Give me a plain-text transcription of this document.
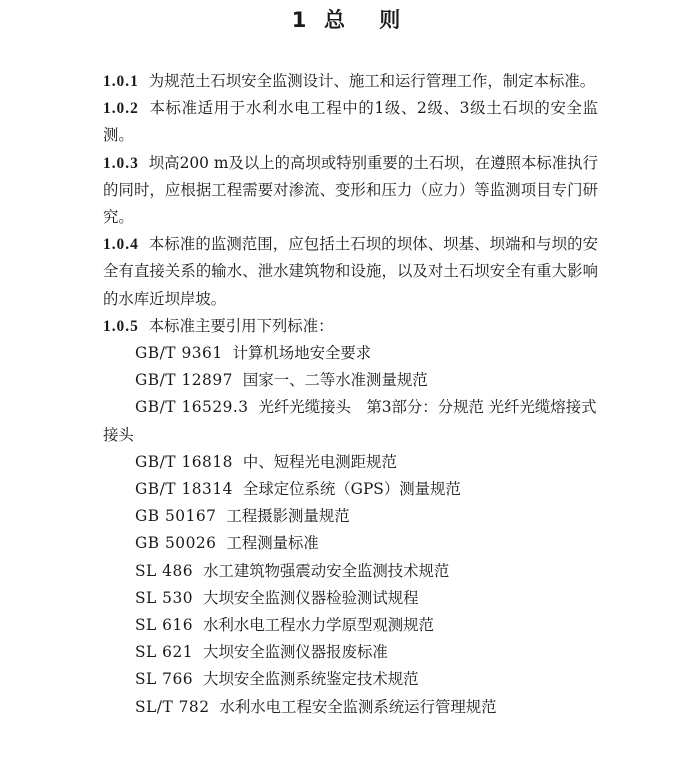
1  总    则

1.0.1 为规范土石坝安全监测设计、施工和运行管理工作，制定本标准。

1.0.2 本标准适用于水利水电工程中的1级、2级、3级土石坝的安全监测。

1.0.3 坝高200 m及以上的高坝或特别重要的土石坝，在遵照本标准执行的同时，应根据工程需要对渗流、变形和压力（应力）等监测项目专门研究。

1.0.4 本标准的监测范围，应包括土石坝的坝体、坝基、坝端和与坝的安全有直接关系的输水、泄水建筑物和设施，以及对土石坝安全有重大影响的水库近坝岸坡。

1.0.5 本标准主要引用下列标准：

GB/T 9361 计算机场地安全要求
GB/T 12897 国家一、二等水准测量规范
GB/T 16529.3 光纤光缆接头　第3部分：分规范 光纤光缆熔接式接头
GB/T 16818 中、短程光电测距规范
GB/T 18314 全球定位系统（GPS）测量规范
GB 50167 工程摄影测量规范
GB 50026 工程测量标准
SL 486 水工建筑物强震动安全监测技术规范
SL 530 大坝安全监测仪器检验测试规程
SL 616 水利水电工程水力学原型观测规范
SL 621 大坝安全监测仪器报废标准
SL 766 大坝安全监测系统鉴定技术规范
SL/T 782 水利水电工程安全监测系统运行管理规范
